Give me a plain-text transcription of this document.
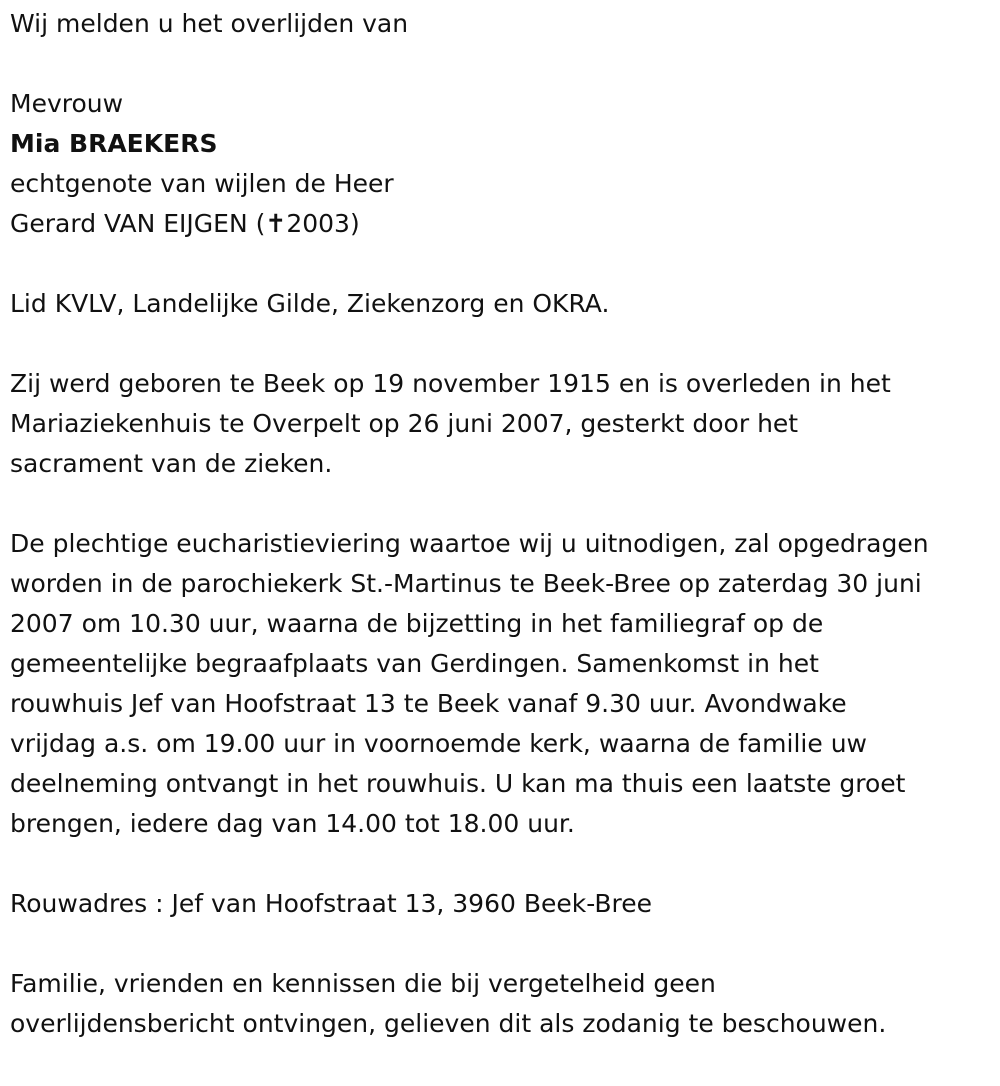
Wij melden u het overlijden van

Mevrouw

Mia BRAEKERS

echtgenote van wijlen de Heer

Gerard VAN EIJGEN (✝2003)

Lid KVLV, Landelijke Gilde, Ziekenzorg en OKRA.

Zij werd geboren te Beek op 19 november 1915 en is overleden in het
Mariaziekenhuis te Overpelt op 26 juni 2007, gesterkt door het
sacrament van de zieken.

De plechtige eucharistieviering waartoe wij u uitnodigen, zal opgedragen
worden in de parochiekerk St.-Martinus te Beek-Bree op zaterdag 30 juni
2007 om 10.30 uur, waarna de bijzetting in het familiegraf op de
gemeentelijke begraafplaats van Gerdingen. Samenkomst in het
rouwhuis Jef van Hoofstraat 13 te Beek vanaf 9.30 uur. Avondwake
vrijdag a.s. om 19.00 uur in voornoemde kerk, waarna de familie uw
deelneming ontvangt in het rouwhuis. U kan ma thuis een laatste groet
brengen, iedere dag van 14.00 tot 18.00 uur.

Rouwadres : Jef van Hoofstraat 13, 3960 Beek-Bree

Familie, vrienden en kennissen die bij vergetelheid geen
overlijdensbericht ontvingen, gelieven dit als zodanig te beschouwen.
